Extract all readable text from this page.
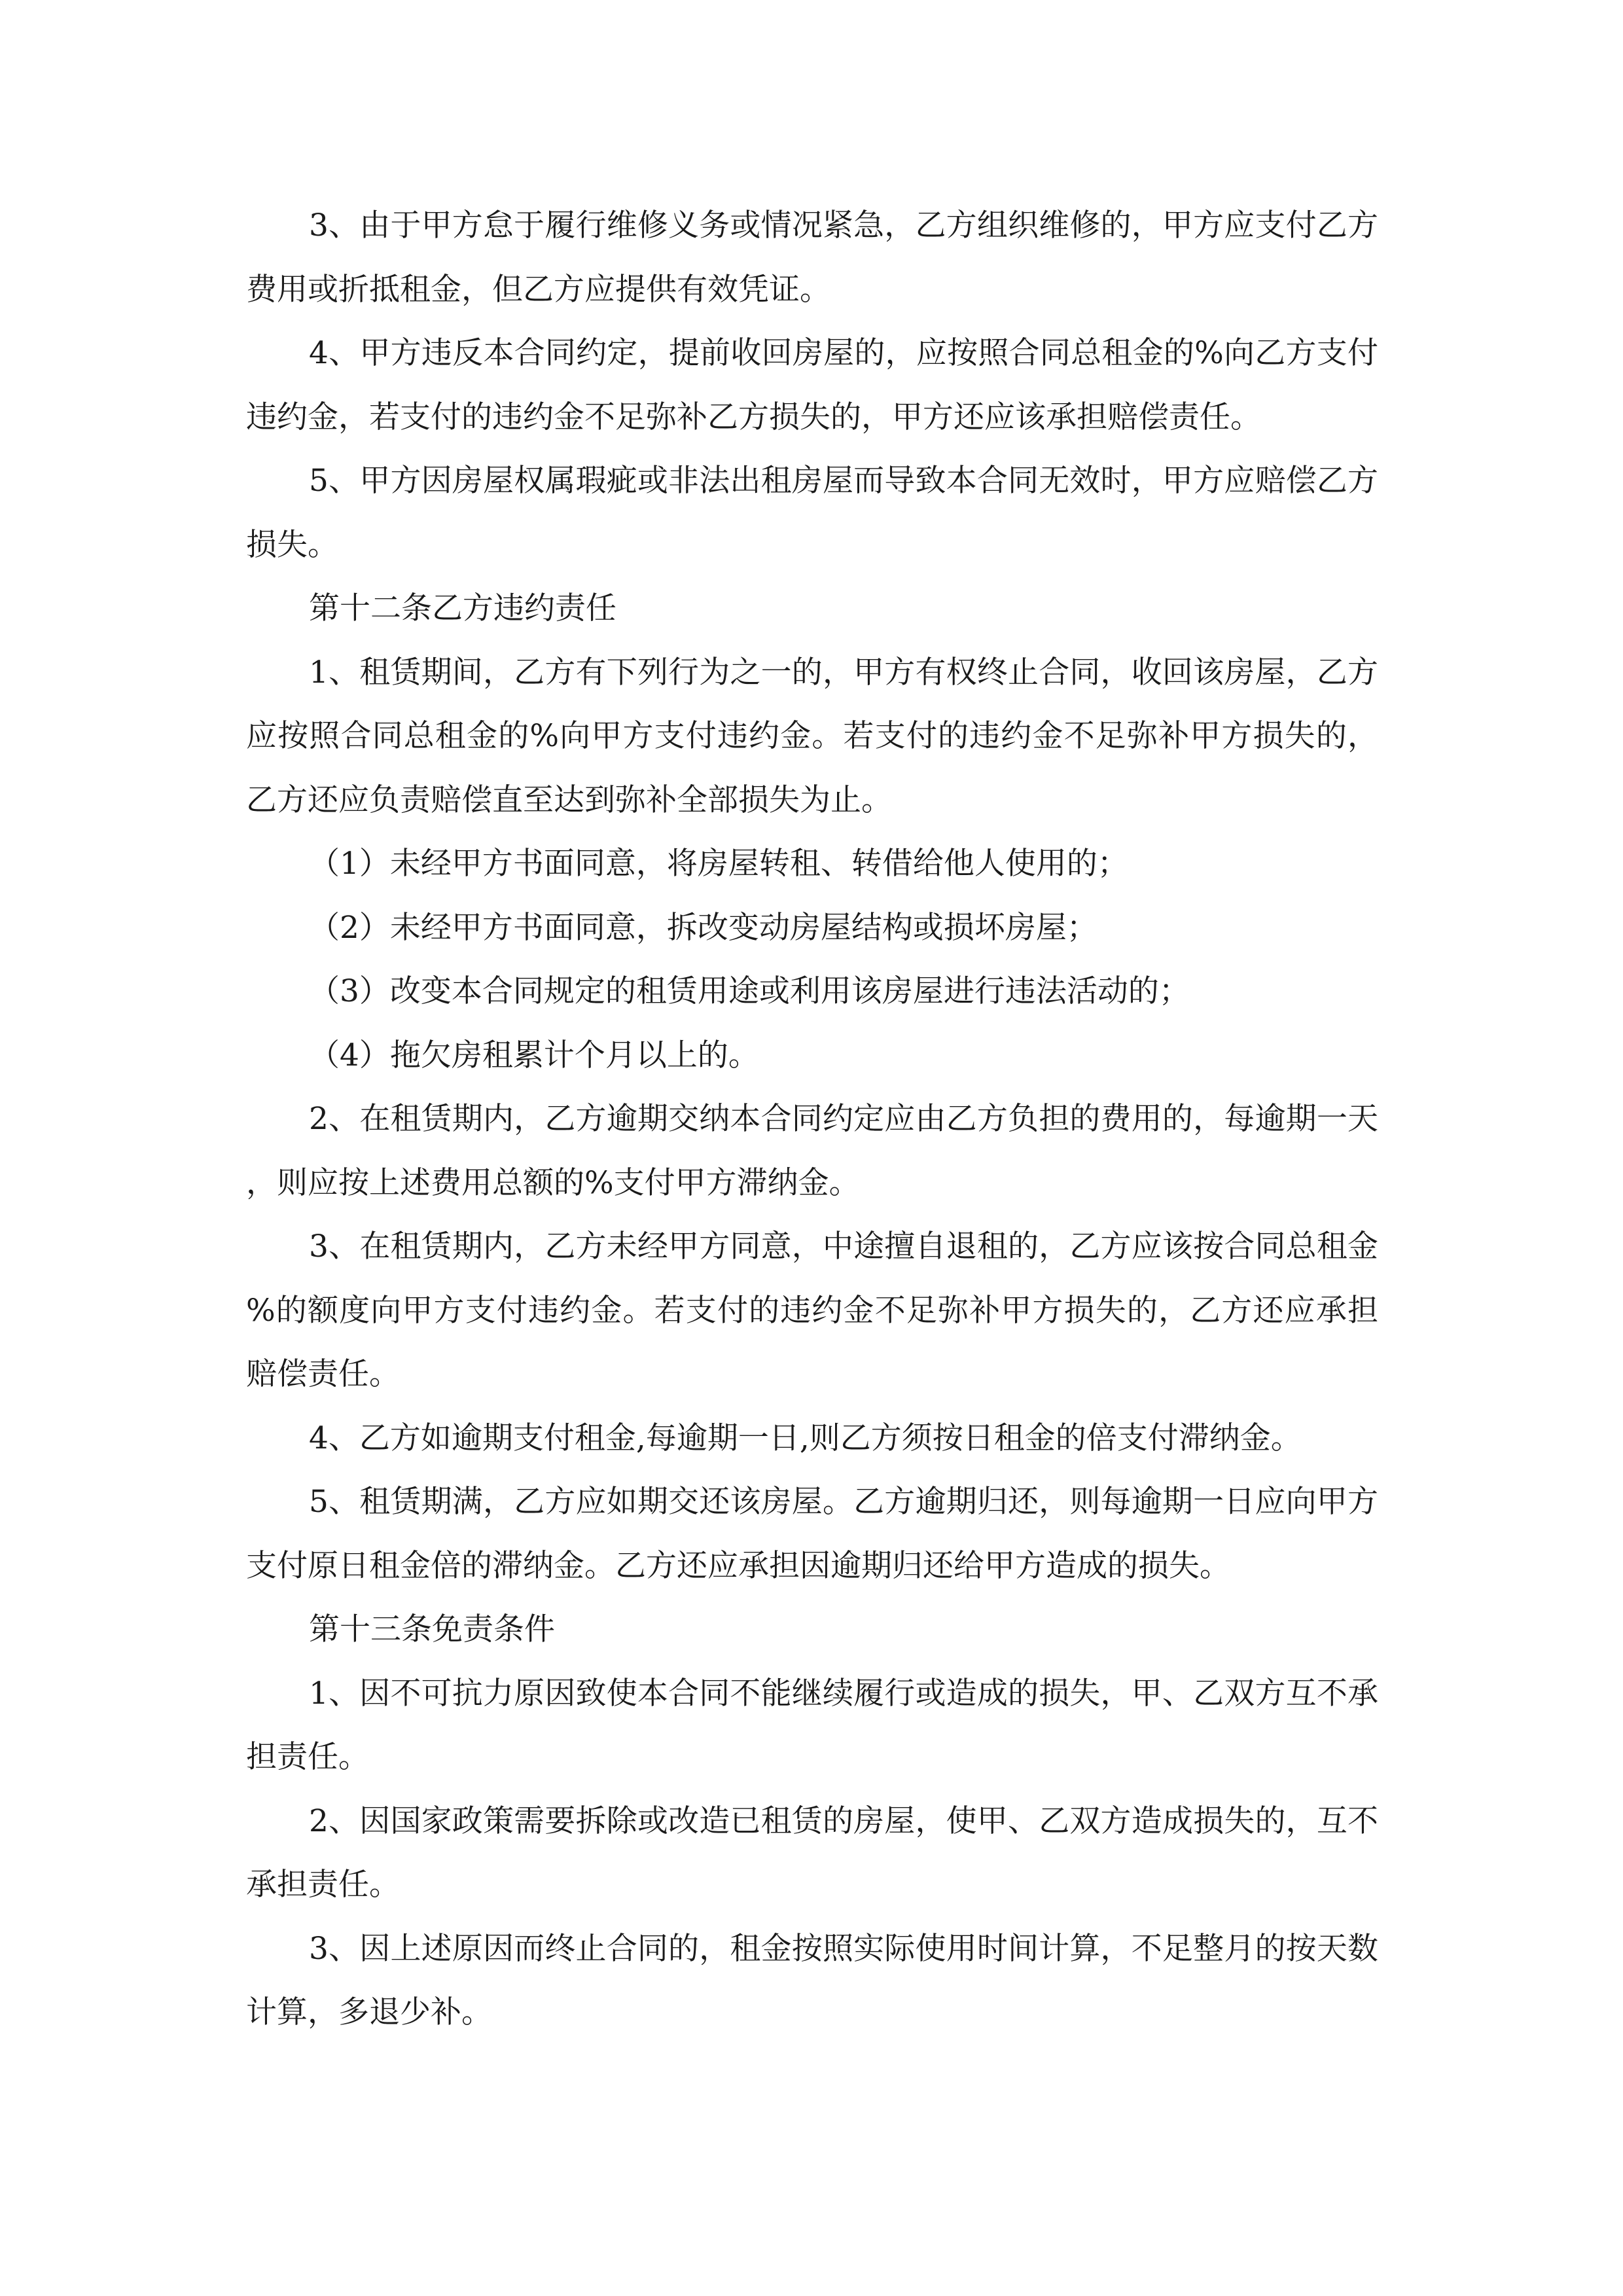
3、由于甲方怠于履行维修义务或情况紧急，乙方组织维修的，甲方应支付乙方费用或折抵租金，但乙方应提供有效凭证。

4、甲方违反本合同约定，提前收回房屋的，应按照合同总租金的%向乙方支付违约金，若支付的违约金不足弥补乙方损失的，甲方还应该承担赔偿责任。

5、甲方因房屋权属瑕疵或非法出租房屋而导致本合同无效时，甲方应赔偿乙方损失。

第十二条乙方违约责任

1、租赁期间，乙方有下列行为之一的，甲方有权终止合同，收回该房屋，乙方应按照合同总租金的%向甲方支付违约金。若支付的违约金不足弥补甲方损失的，乙方还应负责赔偿直至达到弥补全部损失为止。

（1）未经甲方书面同意，将房屋转租、转借给他人使用的；

（2）未经甲方书面同意，拆改变动房屋结构或损坏房屋；

（3）改变本合同规定的租赁用途或利用该房屋进行违法活动的；

（4）拖欠房租累计个月以上的。

2、在租赁期内，乙方逾期交纳本合同约定应由乙方负担的费用的，每逾期一天，则应按上述费用总额的%支付甲方滞纳金。

3、在租赁期内，乙方未经甲方同意，中途擅自退租的，乙方应该按合同总租金%的额度向甲方支付违约金。若支付的违约金不足弥补甲方损失的，乙方还应承担赔偿责任。

4、乙方如逾期支付租金,每逾期一日,则乙方须按日租金的倍支付滞纳金。

5、租赁期满，乙方应如期交还该房屋。乙方逾期归还，则每逾期一日应向甲方支付原日租金倍的滞纳金。乙方还应承担因逾期归还给甲方造成的损失。

第十三条免责条件

1、因不可抗力原因致使本合同不能继续履行或造成的损失，甲、乙双方互不承担责任。

2、因国家政策需要拆除或改造已租赁的房屋，使甲、乙双方造成损失的，互不承担责任。

3、因上述原因而终止合同的，租金按照实际使用时间计算，不足整月的按天数计算，多退少补。
